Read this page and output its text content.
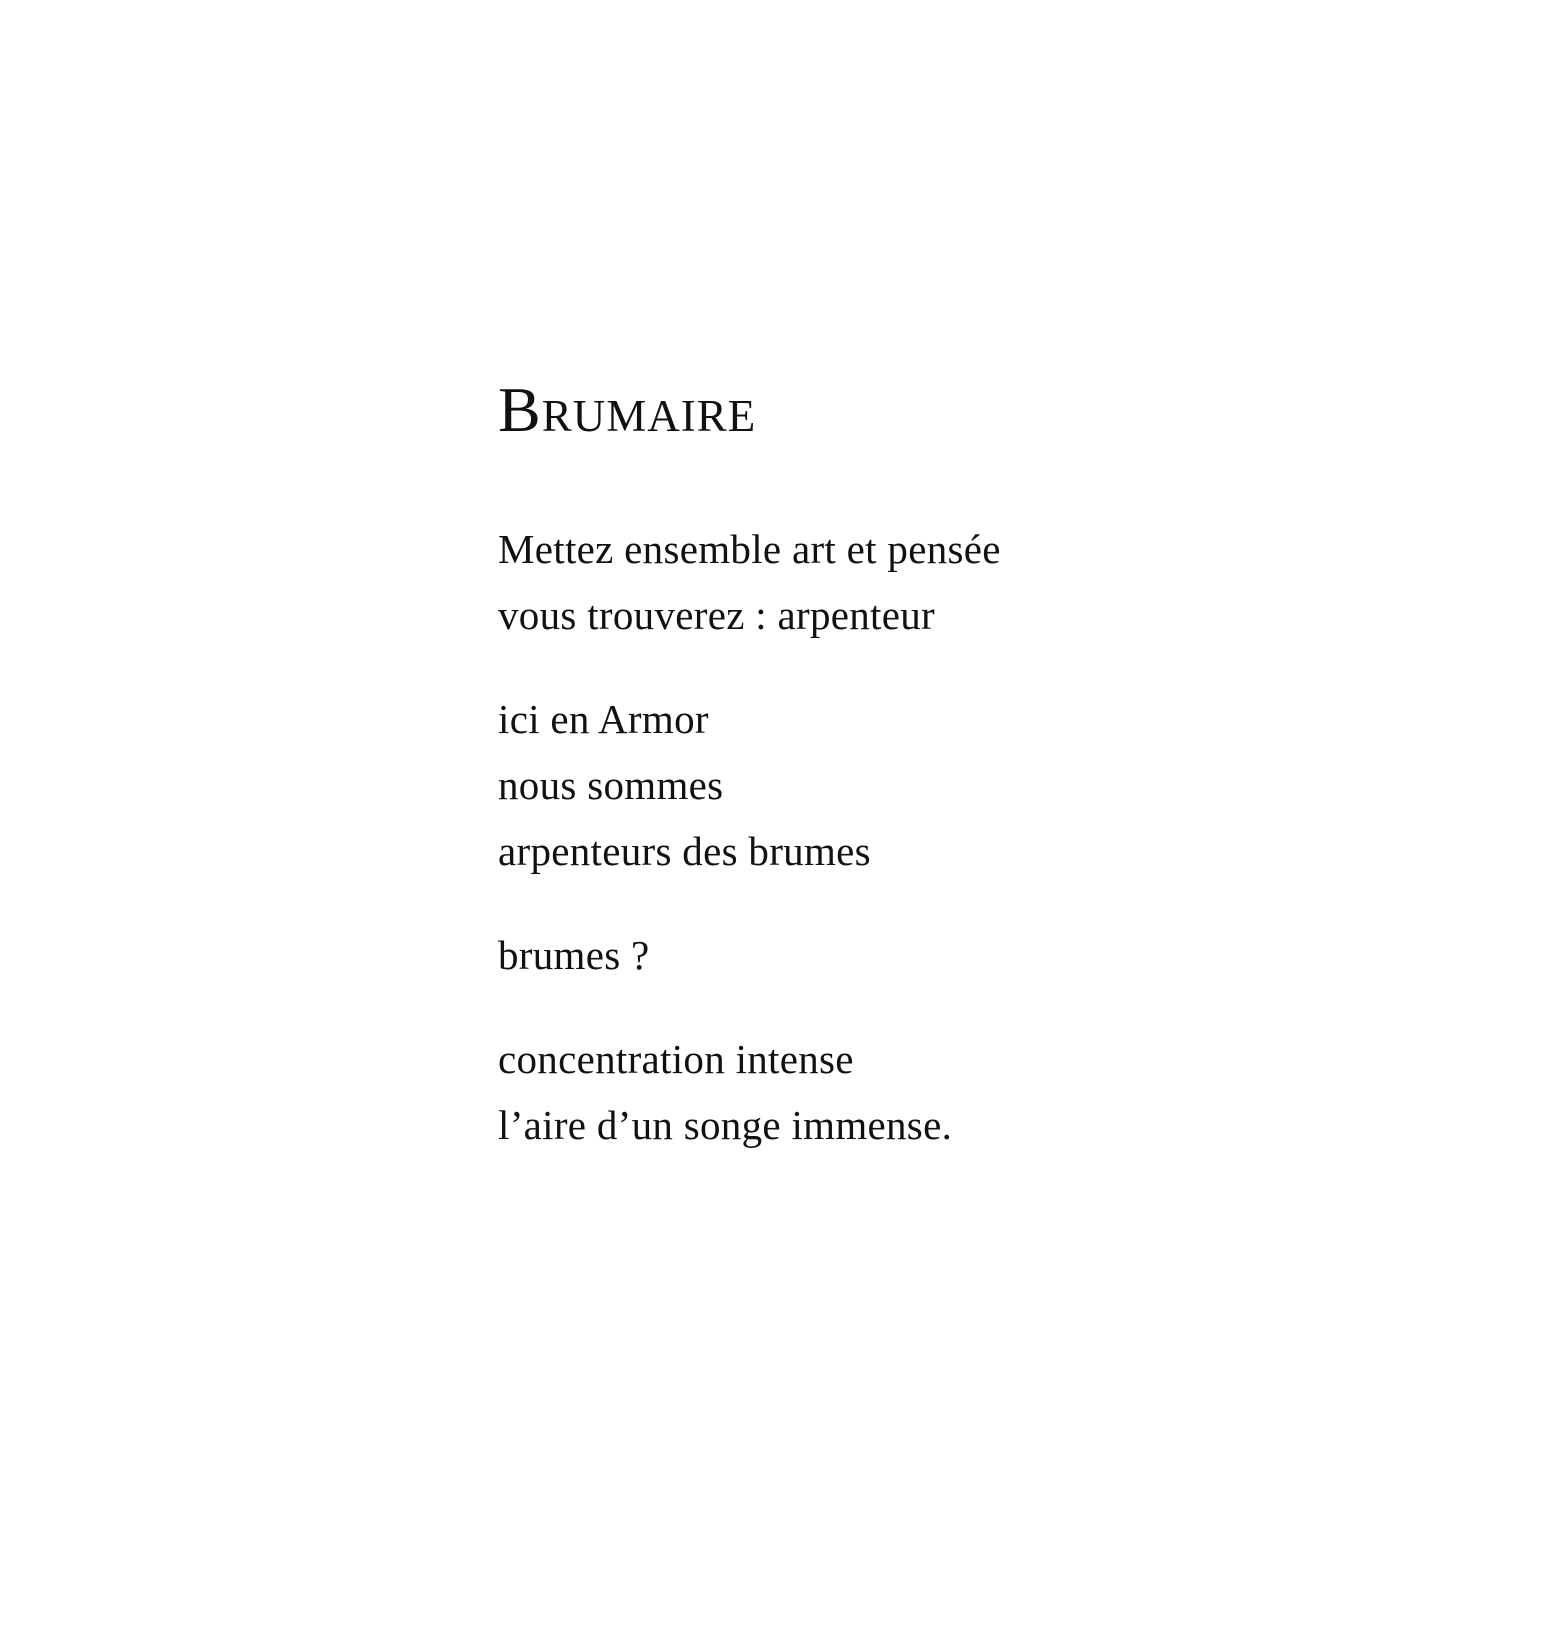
Brumaire
Mettez ensemble art et pensée
vous trouverez : arpenteur
ici en Armor
nous sommes
arpenteurs des brumes
brumes ?
concentration intense
l’aire d’un songe immense.
